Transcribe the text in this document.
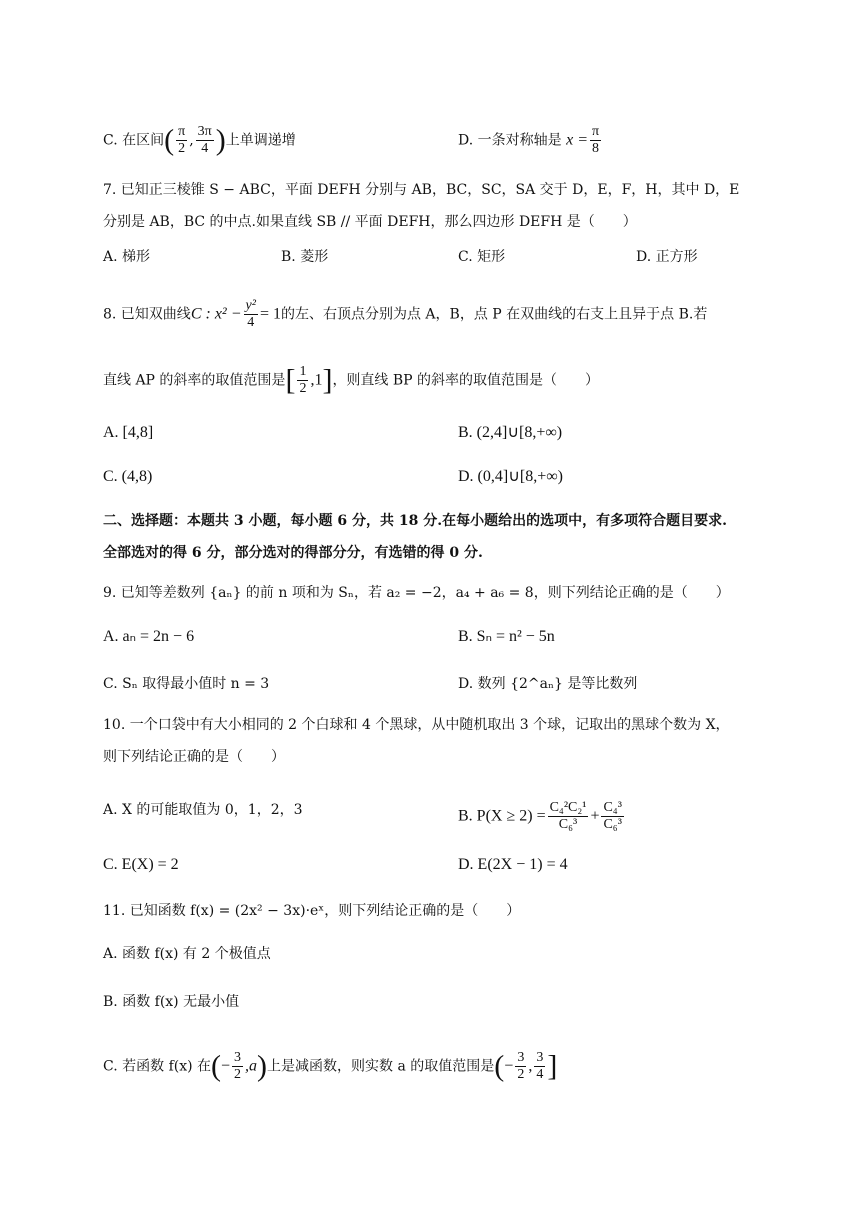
C. 在区间( $\frac{\pi}{2}$ , $\frac{3\pi}{4}$ )上单调递增	D. 一条对称轴是 $x = \frac{\pi}{8}$
7. 已知正三棱锥 S − ABC，平面 DEFH 分别与 AB，BC，SC，SA 交于 D，E，F，H，其中 D，E
分别是 AB，BC 的中点.如果直线 SB // 平面 DEFH，那么四边形 DEFH 是（　　）
A. 梯形	B. 菱形	C. 矩形	D. 正方形
8. 已知双曲线C : $x^2 - \frac{\text{y²}}{4} = 1$的左、右顶点分别为点 A，B，点 P 在双曲线的右支上且异于点 B.若
直线 AP 的斜率的取值范围是[ $\frac{1}{2} ,1$]，则直线 BP 的斜率的取值范围是（　　）
A. [4,8]	B. (2,4]∪[8,+∞)
C. (4,8)	D. (0,4]∪[8,+∞)
二、选择题：本题共 3 小题，每小题 6 分，共 18 分.在每小题给出的选项中，有多项符合题目要求.
全部选对的得 6 分，部分选对的得部分分，有选错的得 0 分.
9. 已知等差数列 {aₙ} 的前 n 项和为 Sₙ，若 a₂ = −2，a₄ + a₆ = 8，则下列结论正确的是（　　）
A. aₙ = 2n − 6	B. Sₙ = n² − 5n
C. Sₙ 取得最小值时 n = 3	D. 数列 {2^aₙ} 是等比数列
10. 一个口袋中有大小相同的 2 个白球和 4 个黑球，从中随机取出 3 个球，记取出的黑球个数为 X，
则下列结论正确的是（　　）
A. X 的可能取值为 0，1，2，3	B. $P(X \ge 2) = \frac{\text{C₄²C₂¹}}{\text{C₆³}} + \frac{\text{C₄³}}{\text{C₆³}}$
C. E(X) = 2	D. E(2X − 1) = 4
11. 已知函数 f(x) = (2x² − 3x)·eˣ，则下列结论正确的是（　　）
A. 函数 f(x) 有 2 个极值点
B. 函数 f(x) 无最小值
C. 若函数 f(x) 在(− $\frac{3}{2} ,a$)上是减函数，则实数 a 的取值范围是(− $\frac{3}{2}$ , $\frac{3}{4}$ ]
